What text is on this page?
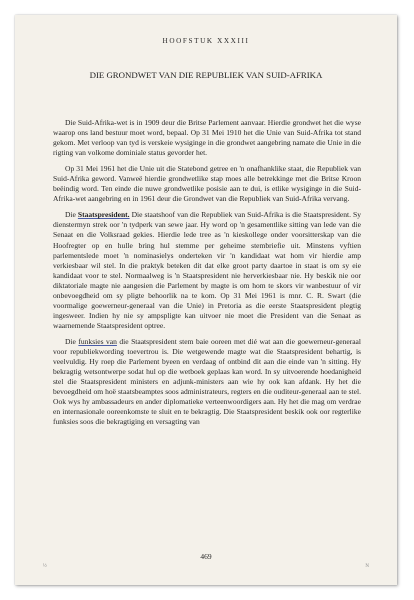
HOOFSTUK XXXIII
DIE GRONDWET VAN DIE REPUBLIEK VAN SUID-AFRIKA

Die Suid-Afrika-wet is in 1909 deur die Britse Parlement aanvaar. Hierdie grondwet het die wyse waarop ons land bestuur moet word, bepaal. Op 31 Mei 1910 het die Unie van Suid-Afrika tot stand gekom. Met verloop van tyd is verskeie wysiginge in die grondwet aangebring namate die Unie in die rigting van volkome dominiale status gevorder het.

Op 31 Mei 1961 het die Unie uit die Statebond getree en 'n onafhanklike staat, die Republiek van Suid-Afrika geword. Vanweë hierdie grondwetlike stap moes alle betrekkinge met die Britse Kroon beëindig word. Ten einde die nuwe grondwetlike posisie aan te dui, is etlike wysiginge in die Suid-Afrika-wet aangebring en in 1961 deur die Grondwet van die Republiek van Suid-Afrika vervang.

Die Staatspresident. Die staatshoof van die Republiek van Suid-Afrika is die Staatspresident. Sy dienstermyn strek oor 'n tydperk van sewe jaar. Hy word op 'n gesamentlike sitting van lede van die Senaat en die Volksraad gekies. Hierdie lede tree as 'n kieskollege onder voorsitterskap van die Hoofregter op en hulle bring hul stemme per geheime stembriefie uit. Minstens vyftien parlementslede moet 'n nominasielys onderteken vir 'n kandidaat wat hom vir hierdie amp verkiesbaar wil stel. In die praktyk beteken dit dat elke groot party daartoe in staat is om sy eie kandidaat voor te stel. Normaalweg is 'n Staatspresident nie herverkiesbaar nie. Hy beskik nie oor diktatoriale magte nie aangesien die Parlement by magte is om hom te skors vir wanbestuur of vir onbevoegdheid om sy pligte behoorlik na te kom. Op 31 Mei 1961 is mnr. C. R. Swart (die voormalige goewerneur-generaal van die Unie) in Pretoria as die eerste Staatspresident plegtig ingesweer. Indien hy nie sy ampspligte kan uitvoer nie moet die President van die Senaat as waarnemende Staatspresident optree.

Die funksies van die Staatspresident stem baie ooreen met dié wat aan die goewerneur-generaal voor republiekwording toevertrou is. Die wetgewende magte wat die Staatspresident behartig, is veelvuldig. Hy roep die Parlement byeen en verdaag of ontbind dit aan die einde van 'n sitting. Hy bekragtig wetsontwerpe sodat hul op die wetboek geplaas kan word. In sy uitvoerende hoedanigheid stel die Staatspresident ministers en adjunk-ministers aan wie hy ook kan afdank. Hy het die bevoegdheid om hoë staatsbeamptes soos administrateurs, regters en die ouditeur-generaal aan te stel. Ook wys hy ambassadeurs en ander diplomatieke verteenwoordigers aan. Hy het die mag om verdrae en internasionale ooreenkomste te sluit en te bekragtig. Die Staatspresident beskik ook oor regterlike funksies soos die bekragtiging en versagting van

469
½	N
